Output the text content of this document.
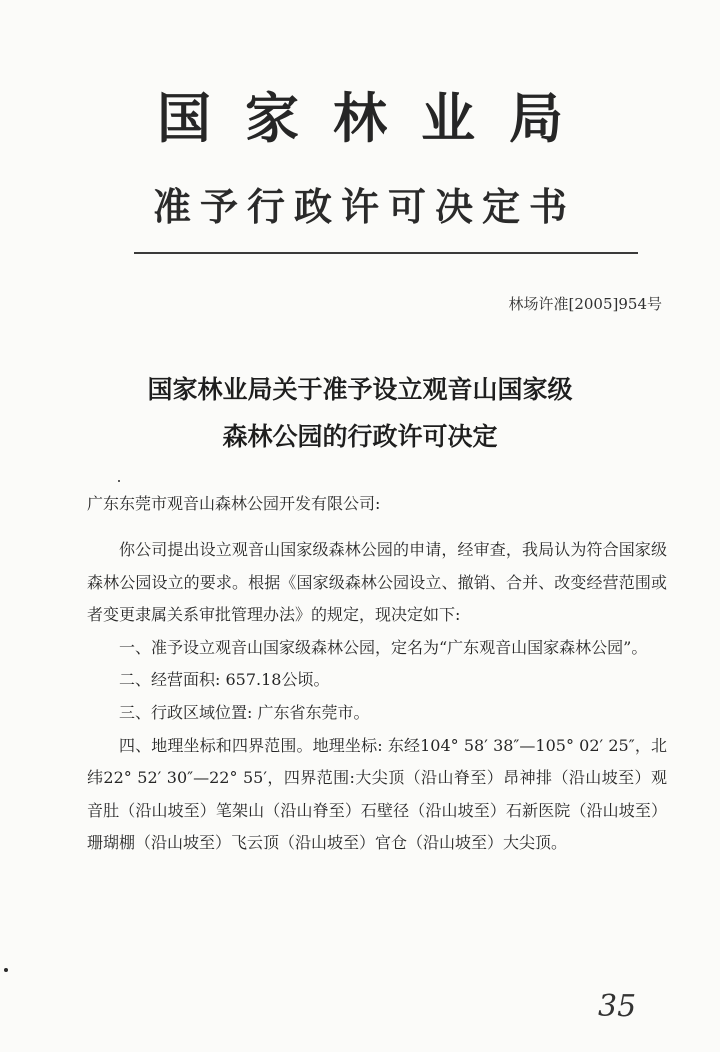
国家林业局
准予行政许可决定书
林场许准[2005]954号
国家林业局关于准予设立观音山国家级
森林公园的行政许可决定
广东东莞市观音山森林公园开发有限公司:

你公司提出设立观音山国家级森林公园的申请，经审查，我局认为符合国家级森林公园设立的要求。根据《国家级森林公园设立、撤销、合并、改变经营范围或者变更隶属关系审批管理办法》的规定，现决定如下:

一、准予设立观音山国家级森林公园，定名为“广东观音山国家森林公园”。

二、经营面积: 657.18公顷。

三、行政区域位置: 广东省东莞市。

四、地理坐标和四界范围。地理坐标: 东经104° 58′ 38″—105° 02′ 25″，北纬22° 52′ 30″—22° 55′，四界范围:大尖顶（沿山脊至）昂神排（沿山坡至）观音肚（沿山坡至）笔架山（沿山脊至）石壁径（沿山坡至）石新医院（沿山坡至）珊瑚棚（沿山坡至）飞云顶（沿山坡至）官仓（沿山坡至）大尖顶。

35
